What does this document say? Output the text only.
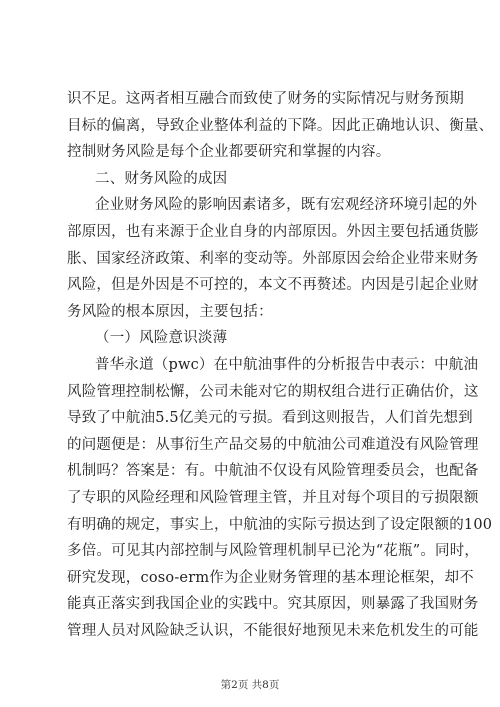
识不足。这两者相互融合而致使了财务的实际情况与财务预期
目标的偏离，导致企业整体利益的下降。因此正确地认识、衡量、
控制财务风险是每个企业都要研究和掌握的内容。
二、财务风险的成因
企业财务风险的影响因素诸多，既有宏观经济环境引起的外
部原因，也有来源于企业自身的内部原因。外因主要包括通货膨
胀、国家经济政策、利率的变动等。外部原因会给企业带来财务
风险，但是外因是不可控的，本文不再赘述。内因是引起企业财
务风险的根本原因，主要包括：
（一）风险意识淡薄
普华永道（pwc）在中航油事件的分析报告中表示：中航油
风险管理控制松懈，公司未能对它的期权组合进行正确估价，这
导致了中航油5.5亿美元的亏损。看到这则报告，人们首先想到
的问题便是：从事衍生产品交易的中航油公司难道没有风险管理
机制吗？答案是：有。中航油不仅设有风险管理委员会，也配备
了专职的风险经理和风险管理主管，并且对每个项目的亏损限额
有明确的规定，事实上，中航油的实际亏损达到了设定限额的100
多倍。可见其内部控制与风险管理机制早已沦为“花瓶”。同时，
研究发现，coso-erm作为企业财务管理的基本理论框架，却不
能真正落实到我国企业的实践中。究其原因，则暴露了我国财务
管理人员对风险缺乏认识，不能很好地预见未来危机发生的可能
第2页 共8页
